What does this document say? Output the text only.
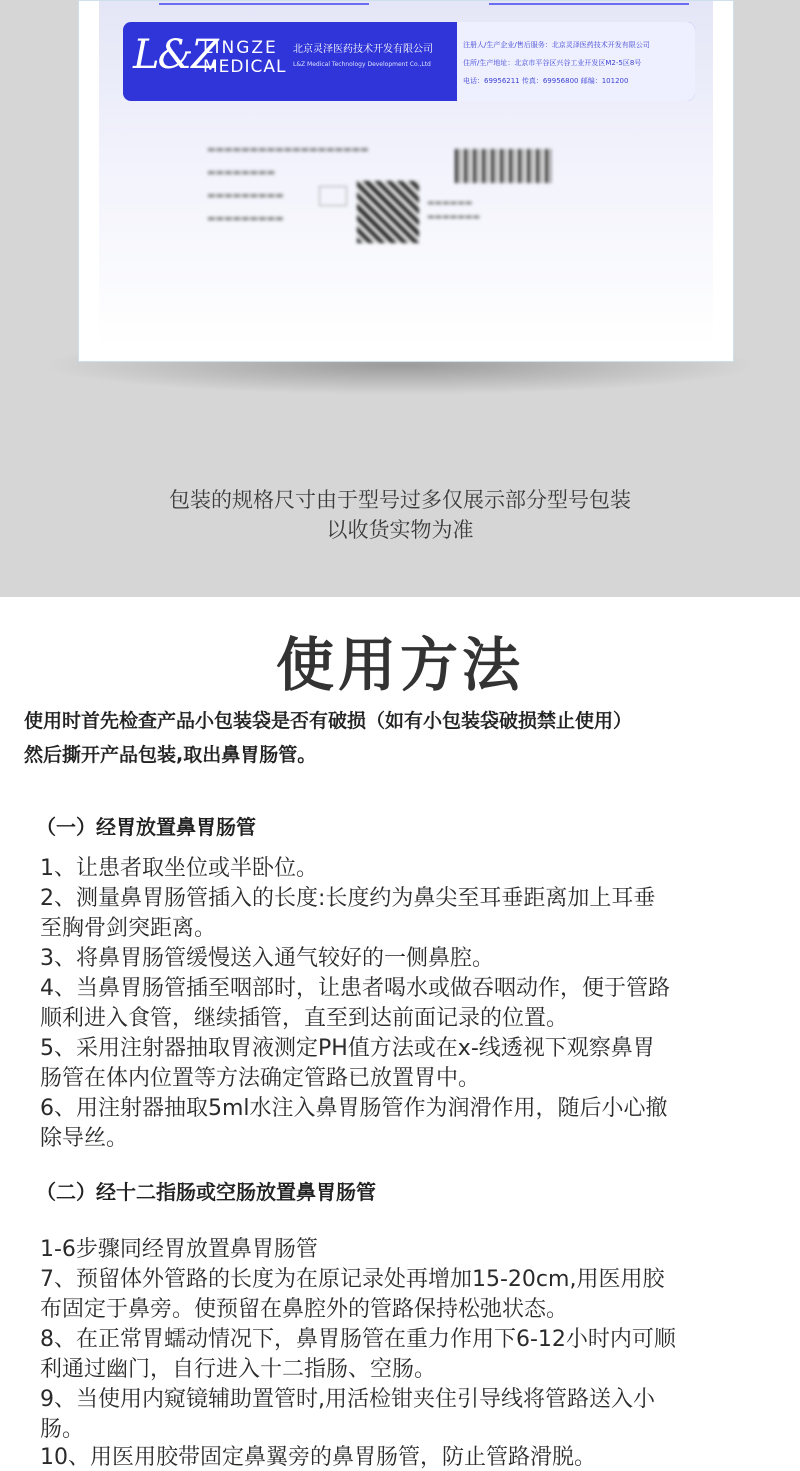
L&Z
LINGZE
MEDICAL
北京灵泽医药技术开发有限公司
L&Z Medical Technology Development Co.,Ltd
注册人/生产企业/售后服务：北京灵泽医药技术开发有限公司
住所/生产地址：北京市平谷区兴谷工业开发区M2-5区8号
电话：69956211 传真：69956800 邮编：101200
▬▬▬▬▬▬▬▬▬▬▬▬▬▬▬▬▬▬▬
▬▬▬▬▬▬▬▬
▬▬▬▬▬▬▬▬▬
▬▬▬▬▬▬▬▬▬
▬▬▬▬▬▬
▬▬▬▬▬▬▬
包装的规格尺寸由于型号过多仅展示部分型号包装
以收货实物为准
使用方法
使用时首先检查产品小包装袋是否有破损（如有小包装袋破损禁止使用）
然后撕开产品包装,取出鼻胃肠管。
（一）经胃放置鼻胃肠管
1、让患者取坐位或半卧位。
2、测量鼻胃肠管插入的长度:长度约为鼻尖至耳垂距离加上耳垂
至胸骨剑突距离。
3、将鼻胃肠管缓慢送入通气较好的一侧鼻腔。
4、当鼻胃肠管插至咽部时，让患者喝水或做吞咽动作，便于管路
顺利进入食管，继续插管，直至到达前面记录的位置。
5、采用注射器抽取胃液测定PH值方法或在x-线透视下观察鼻胃
肠管在体内位置等方法确定管路已放置胃中。
6、用注射器抽取5ml水注入鼻胃肠管作为润滑作用，随后小心撤
除导丝。
（二）经十二指肠或空肠放置鼻胃肠管
1-6步骤同经胃放置鼻胃肠管
7、预留体外管路的长度为在原记录处再增加15-20cm,用医用胶
布固定于鼻旁。使预留在鼻腔外的管路保持松弛状态。
8、在正常胃蠕动情况下，鼻胃肠管在重力作用下6-12小时内可顺
利通过幽门，自行进入十二指肠、空肠。
9、当使用内窥镜辅助置管时,用活检钳夹住引导线将管路送入小
肠。
10、用医用胶带固定鼻翼旁的鼻胃肠管，防止管路滑脱。
